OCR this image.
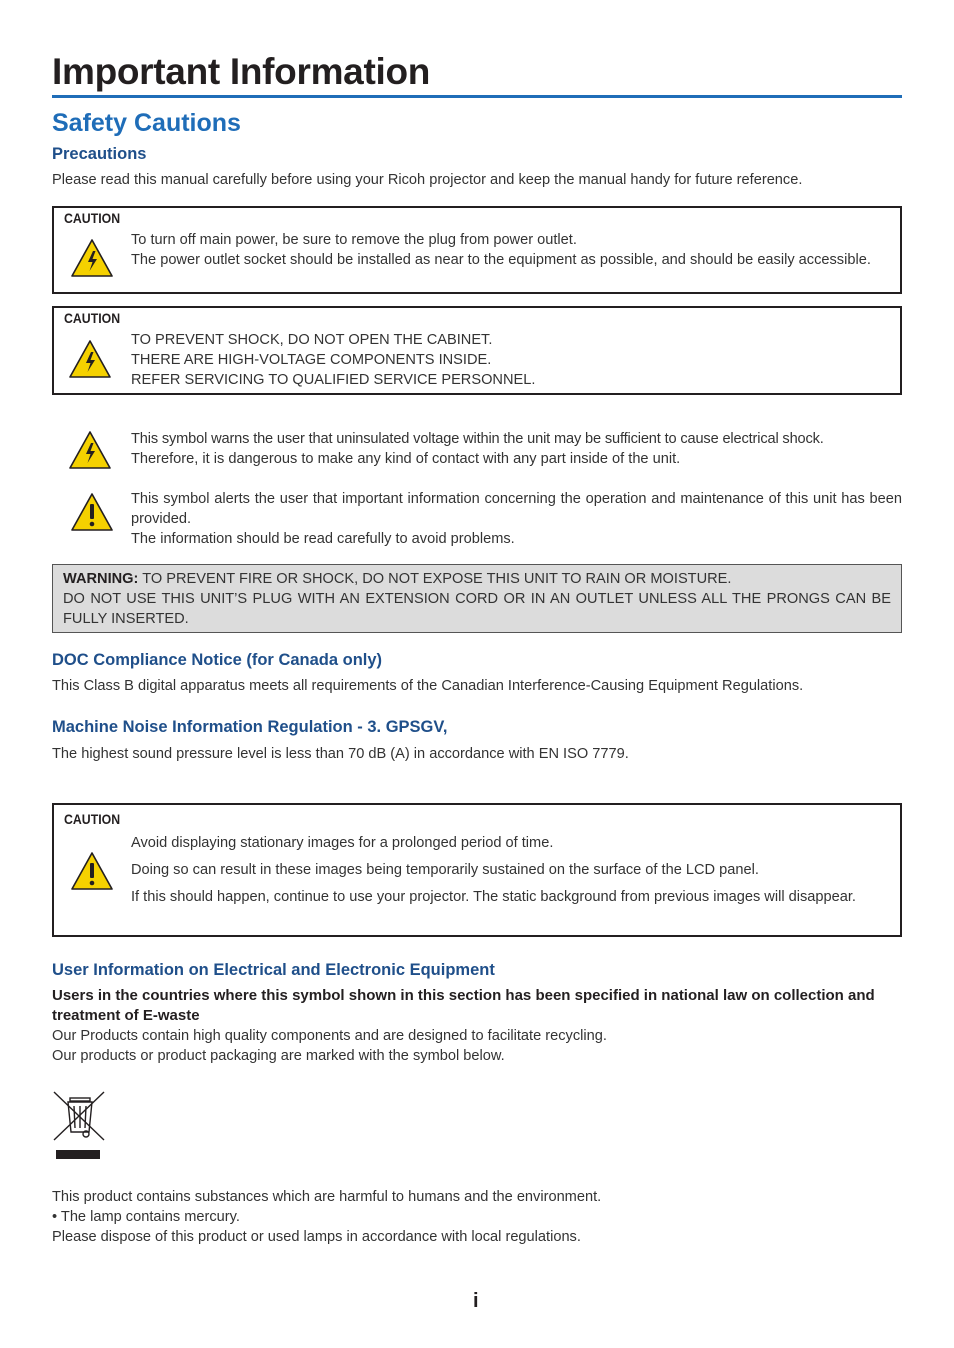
Important Information
Safety Cautions
Precautions
Please read this manual carefully before using your Ricoh projector and keep the manual handy for future reference.
CAUTION
To turn off main power, be sure to remove the plug from power outlet.
The power outlet socket should be installed as near to the equipment as possible, and should be easily accessible.
CAUTION
TO PREVENT SHOCK, DO NOT OPEN THE CABINET.
THERE ARE HIGH-VOLTAGE COMPONENTS INSIDE.
REFER SERVICING TO QUALIFIED SERVICE PERSONNEL.
This symbol warns the user that uninsulated voltage within the unit may be sufficient to cause electrical shock.
Therefore, it is dangerous to make any kind of contact with any part inside of the unit.
This symbol alerts the user that important information concerning the operation and maintenance of this unit has been provided.
The information should be read carefully to avoid problems.
WARNING: TO PREVENT FIRE OR SHOCK, DO NOT EXPOSE THIS UNIT TO RAIN OR MOISTURE.
DO NOT USE THIS UNIT’S PLUG WITH AN EXTENSION CORD OR IN AN OUTLET UNLESS ALL THE PRONGS CAN BE FULLY INSERTED.
DOC Compliance Notice (for Canada only)
This Class B digital apparatus meets all requirements of the Canadian Interference-Causing Equipment Regulations.
Machine Noise Information Regulation - 3. GPSGV,
The highest sound pressure level is less than 70 dB (A) in accordance with EN ISO 7779.
CAUTION
Avoid displaying stationary images for a prolonged period of time.
Doing so can result in these images being temporarily sustained on the surface of the LCD panel.
If this should happen, continue to use your projector. The static background from previous images will disappear.
User Information on Electrical and Electronic Equipment
Users in the countries where this symbol shown in this section has been specified in national law on collection and treatment of E-waste
Our Products contain high quality components and are designed to facilitate recycling.
Our products or product packaging are marked with the symbol below.
This product contains substances which are harmful to humans and the environment.
• The lamp contains mercury.
Please dispose of this product or used lamps in accordance with local regulations.
i
